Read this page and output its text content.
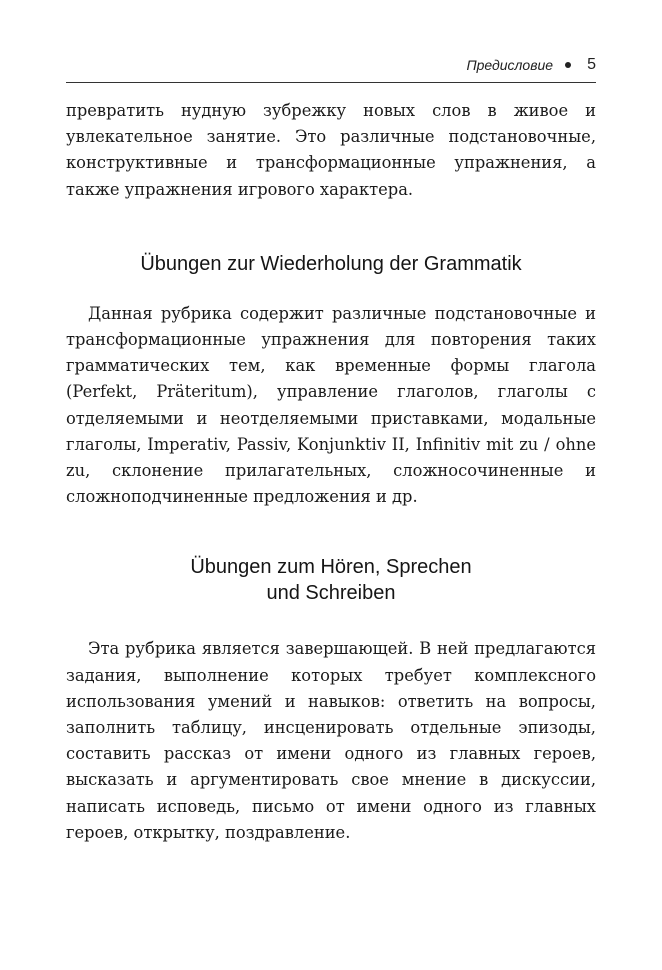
Предисловие 5

превратить нудную зубрежку новых слов в живое и увлекательное занятие. Это различные подстановочные, конструктивные и трансформационные упражнения, а также упражнения игрового характера.

Übungen zur Wiederholung der Grammatik

Данная рубрика содержит различные подстановочные и трансформационные упражнения для повторения таких грамматических тем, как временные формы глагола (Perfekt, Präteritum), управление глаголов, глаголы с отделяемыми и неотделяемыми приставками, модальные глаголы, Imperativ, Passiv, Konjunktiv II, Infinitiv mit zu / ohne zu, склонение прилагательных, сложносочиненные и сложноподчиненные предложения и др.

Übungen zum Hören, Sprechen
und Schreiben

Эта рубрика является завершающей. В ней предлагаются задания, выполнение которых требует комплексного использования умений и навыков: ответить на вопросы, заполнить таблицу, инсценировать отдельные эпизоды, составить рассказ от имени одного из главных героев, высказать и аргументировать свое мнение в дискуссии, написать исповедь, письмо от имени одного из главных героев, открытку, поздравление.
